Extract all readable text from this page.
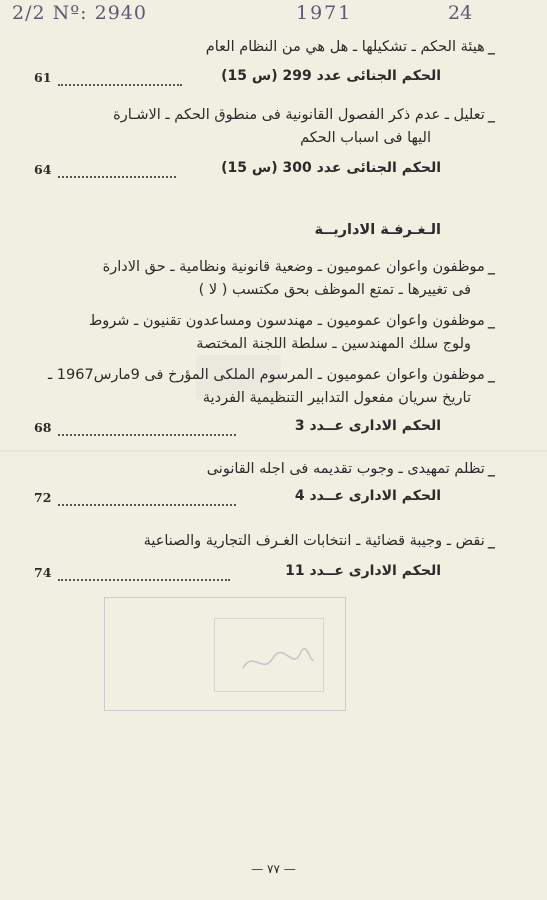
2/2 Nº: 2940	1971	24
_هيئة الحكم ـ تشكيلها ـ هل هي من النظام العام
61	الحكم الجنائى عدد 299 (س 15)
_تعليل ـ عدم ذكر الفصول القانونية فى منطوق الحكم ـ الاشـارة
اليها فى اسباب الحكم
64	الحكم الجنائى عدد 300 (س 15)
الـغـرفـة الاداريــة
_موظفون واعوان عموميون ـ وضعية قانونية ونظامية ـ حق الادارة
فى تغييرها ـ تمتع الموظف بحق مكتسب ( لا )
_موظفون واعوان عموميون ـ مهندسون ومساعدون تقنيون ـ شروط
ولوج سلك المهندسين ـ سلطة اللجنة المختصة
_موظفون واعوان عموميون ـ المرسوم الملكى المؤرخ فى 9مارس1967 ـ
تاريخ سريان مفعول التدابير التنظيمية الفردية
68	الحكم الادارى عــدد 3
_تظلم تمهيدى ـ وجوب تقديمه فى اجله القانونى
72	الحكم الادارى عــدد 4
_نقض ـ وجيبة قضائية ـ انتخابات الغـرف التجارية والصناعية
74	الحكم الادارى عــدد 11
— ٧٧ —
